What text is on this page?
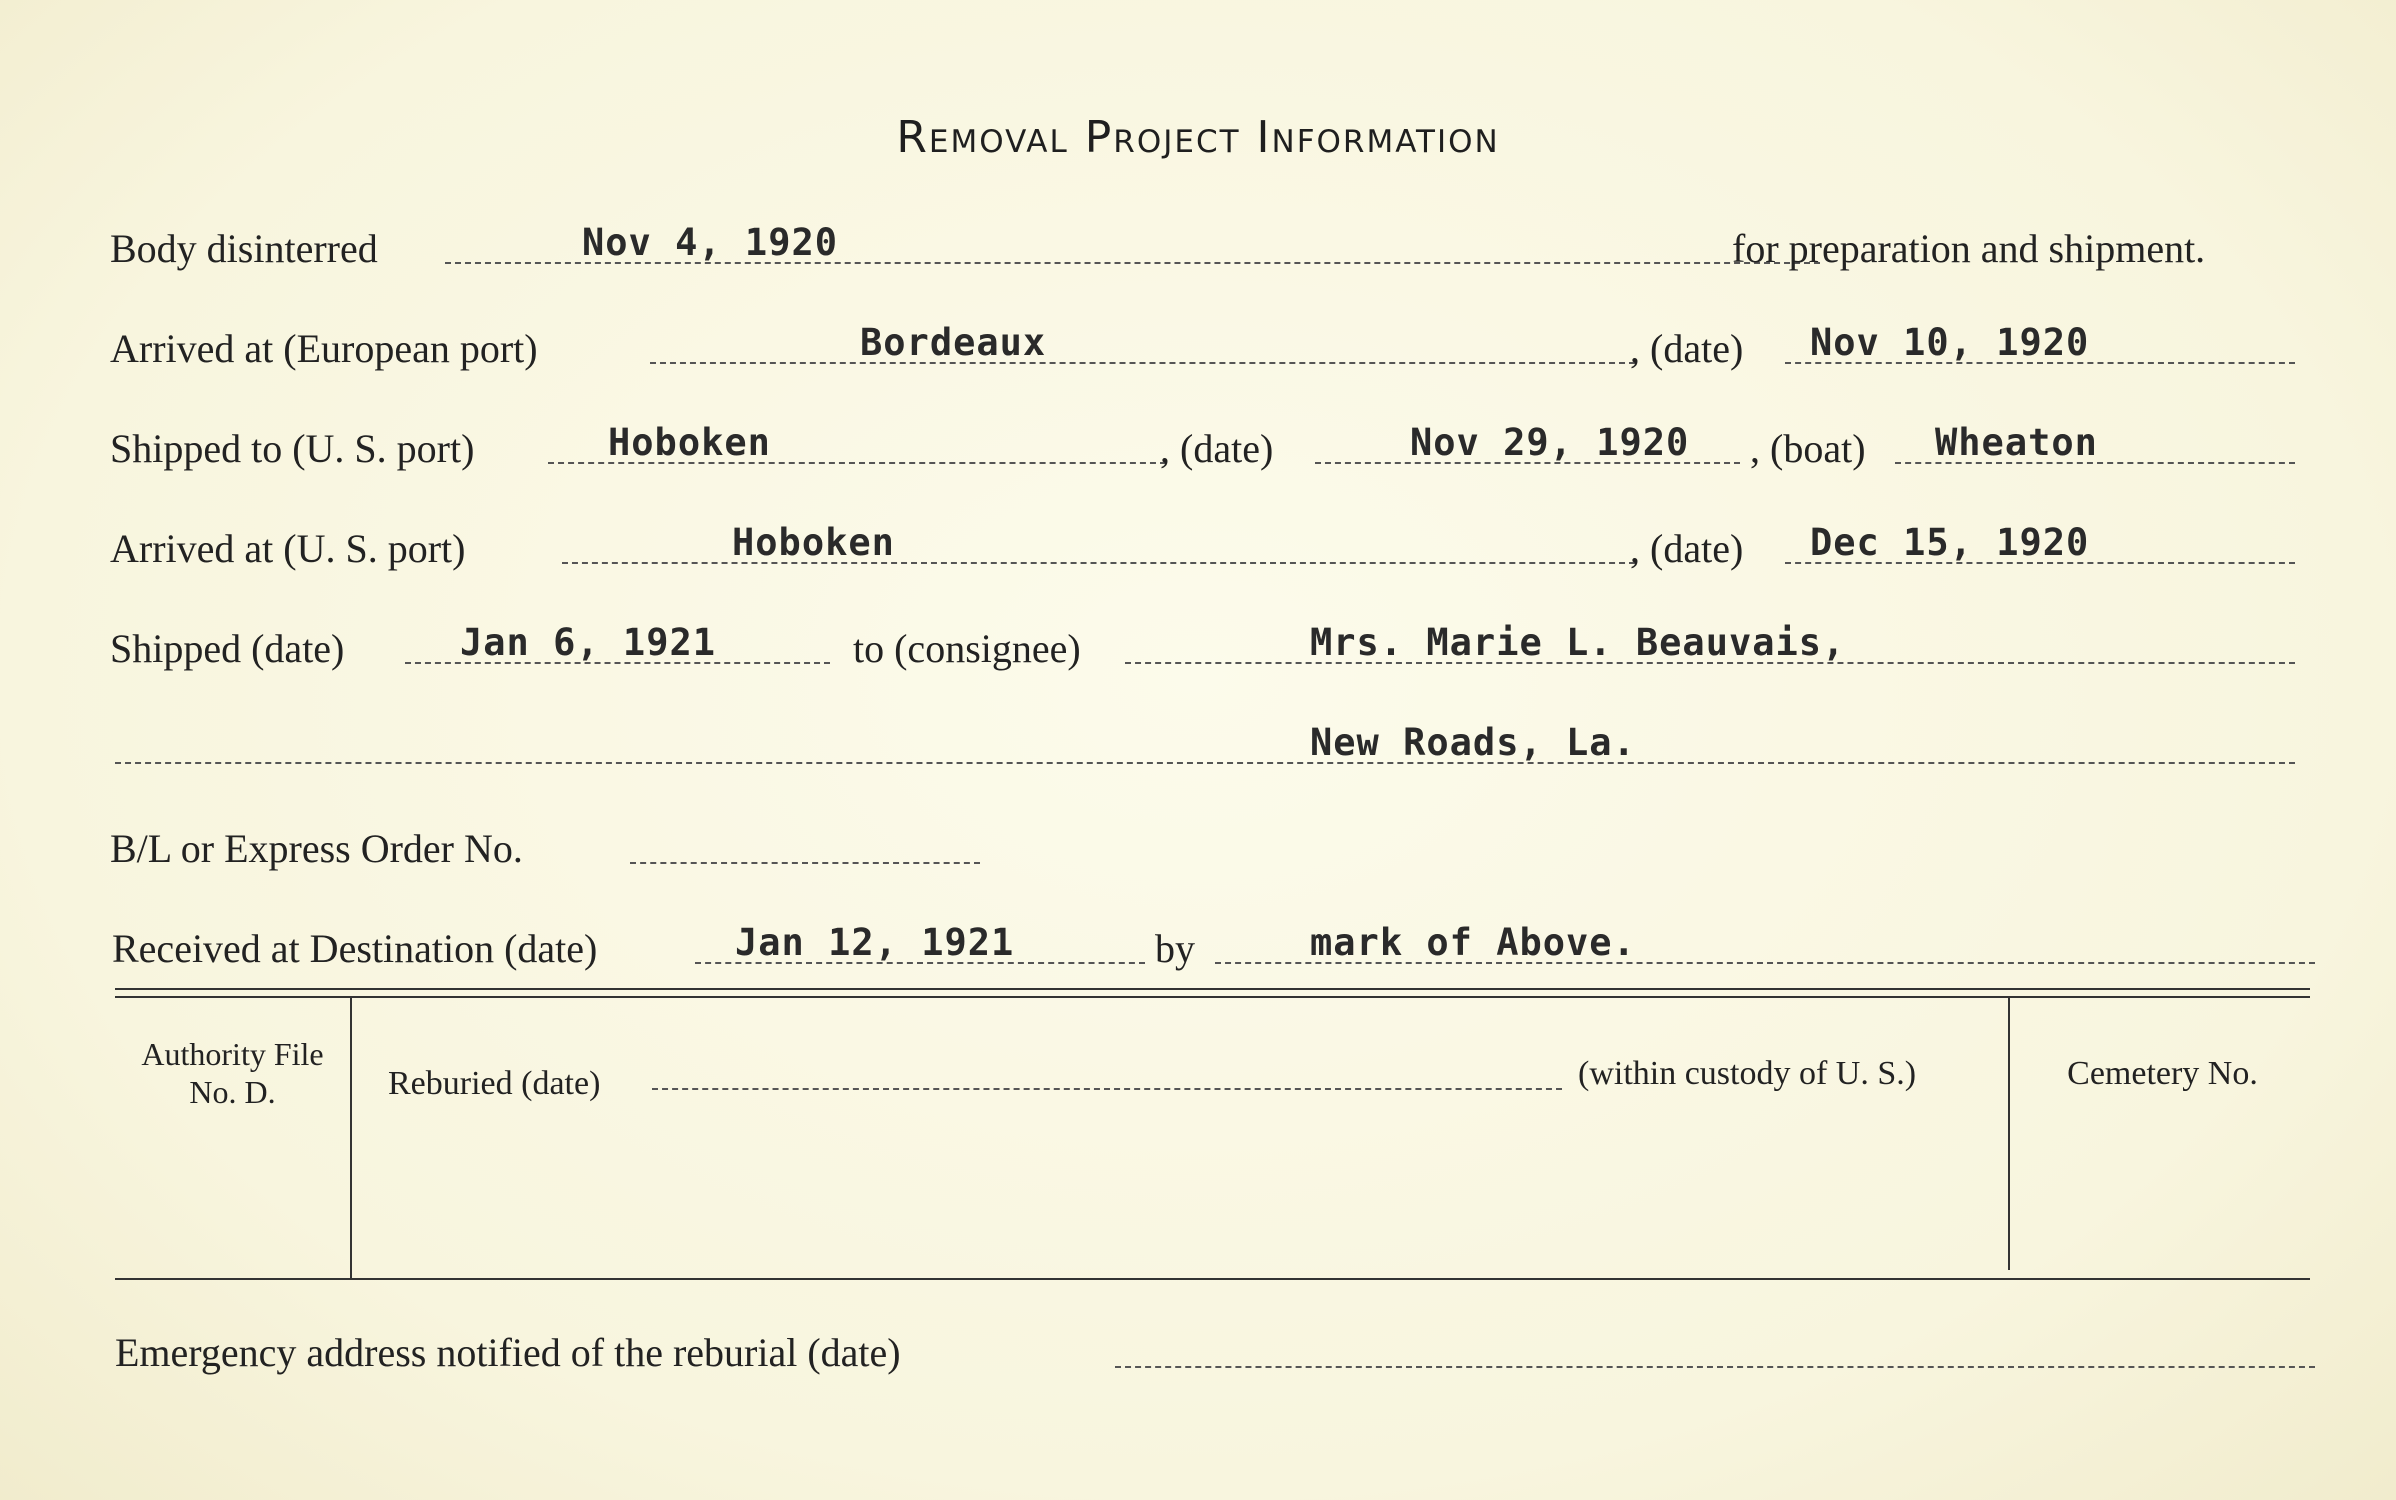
Removal Project Information
Body disinterred	Nov 4, 1920	for preparation and shipment.
Arrived at (European port)	Bordeaux	, (date) Nov 10, 1920
Shipped to (U. S. port)	Hoboken	, (date)	Nov 29, 1920 , (boat) Wheaton
Arrived at (U. S. port)	Hoboken	, (date) Dec 15, 1920
Shipped (date)	Jan 6, 1921	to (consignee)	Mrs. Marie L. Beauvais,
New Roads, La.
B/L or Express Order No.
Received at Destination (date)	Jan 12, 1921	by	mark of Above.
Authority File No. D.	Reburied (date)	(within custody of U. S.)	Cemetery No.
Emergency address notified of the reburial (date)
